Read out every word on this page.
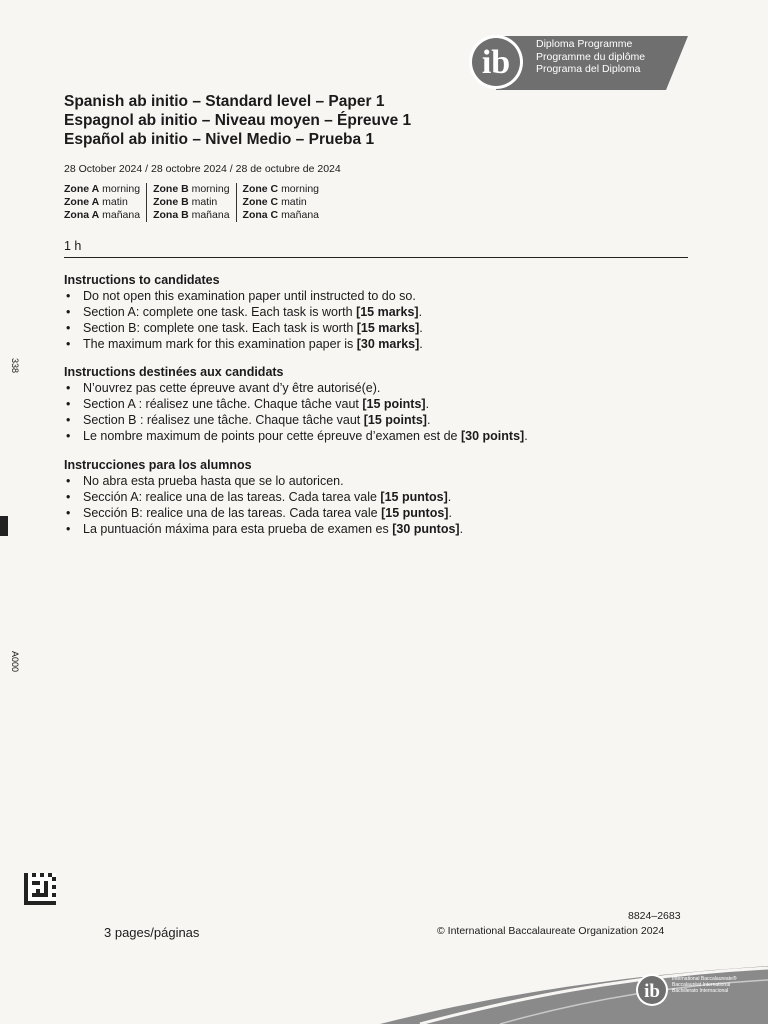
ib Diploma Programme
Programme du diplôme
Programa del Diploma
Spanish ab initio – Standard level – Paper 1
Espagnol ab initio – Niveau moyen – Épreuve 1
Español ab initio – Nivel Medio – Prueba 1
28 October 2024 / 28 octobre 2024 / 28 de octubre de 2024
Zone A morning
Zone A matin
Zona A mañana
Zone B morning
Zone B matin
Zona B mañana
Zone C morning
Zone C matin
Zona C mañana
1 h
Instructions to candidates
• Do not open this examination paper until instructed to do so.
• Section A: complete one task. Each task is worth [15 marks].
• Section B: complete one task. Each task is worth [15 marks].
• The maximum mark for this examination paper is [30 marks].
Instructions destinées aux candidats
• N’ouvrez pas cette épreuve avant d’y être autorisé(e).
• Section A : réalisez une tâche. Chaque tâche vaut [15 points].
• Section B : réalisez une tâche. Chaque tâche vaut [15 points].
• Le nombre maximum de points pour cette épreuve d’examen est de [30 points].
Instrucciones para los alumnos
• No abra esta prueba hasta que se lo autoricen.
• Sección A: realice una de las tareas. Cada tarea vale [15 puntos].
• Sección B: realice una de las tareas. Cada tarea vale [15 puntos].
• La puntuación máxima para esta prueba de examen es [30 puntos].
338
A000
3 pages/páginas
8824–2683
© International Baccalaureate Organization 2024
ib
International Baccalaureate®
Baccalauréat International
Bachillerato Internacional
